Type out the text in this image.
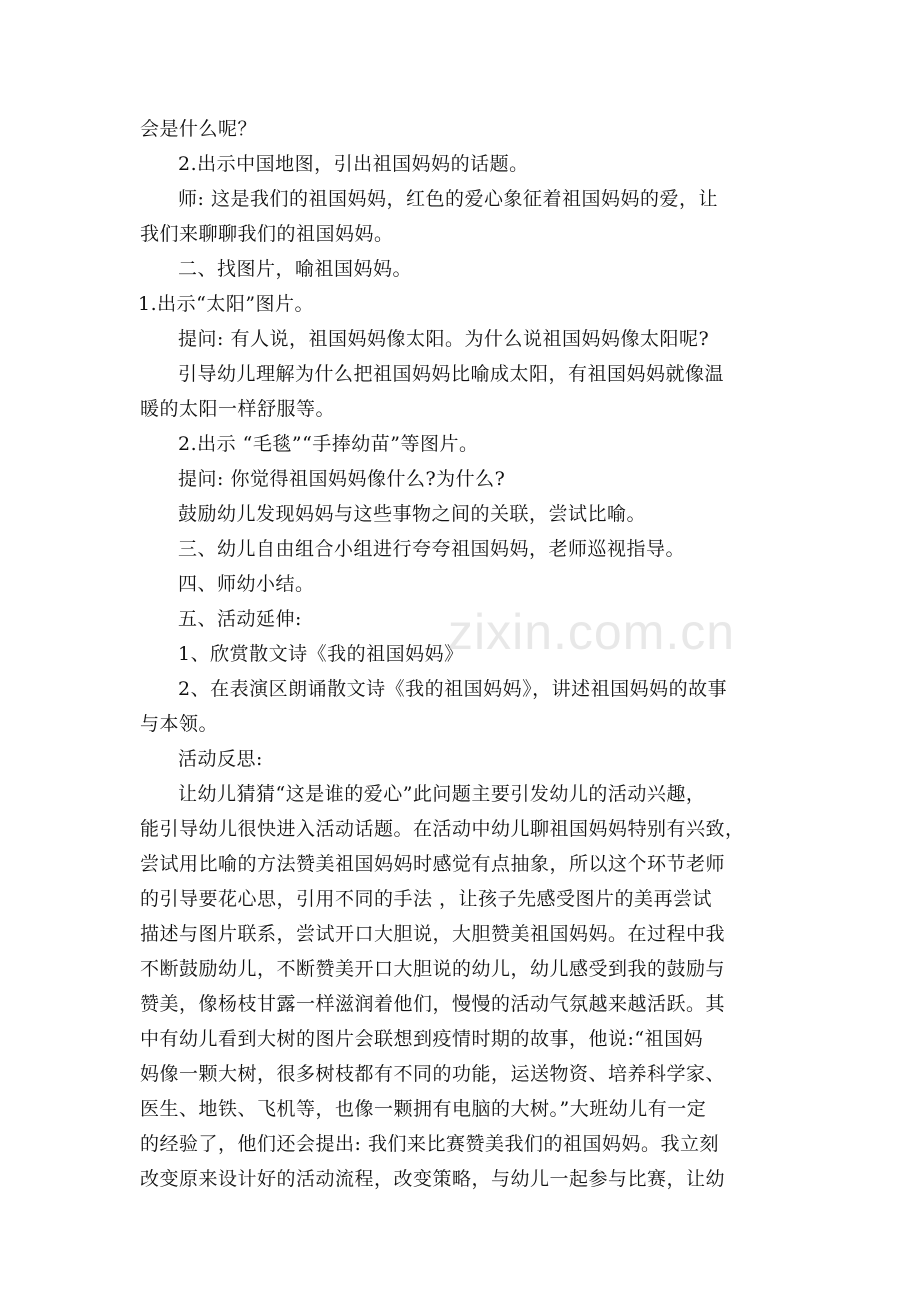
会是什么呢？
2.出示中国地图，引出祖国妈妈的话题。
师: 这是我们的祖国妈妈，红色的爱心象征着祖国妈妈的爱，让
我们来聊聊我们的祖国妈妈。
二、找图片，喻祖国妈妈。
1.出示“太阳”图片。
提问: 有人说，祖国妈妈像太阳。为什么说祖国妈妈像太阳呢?
引导幼儿理解为什么把祖国妈妈比喻成太阳，有祖国妈妈就像温
暖的太阳一样舒服等。
2.出示 “毛毯”“手捧幼苗”等图片。
提问: 你觉得祖国妈妈像什么?为什么?
鼓励幼儿发现妈妈与这些事物之间的关联，尝试比喻。
三、幼儿自由组合小组进行夸夸祖国妈妈，老师巡视指导。
四、师幼小结。
五、活动延伸:
1、欣赏散文诗《我的祖国妈妈》
2、在表演区朗诵散文诗《我的祖国妈妈》，讲述祖国妈妈的故事
与本领。
活动反思:
让幼儿猜猜“这是谁的爱心”此问题主要引发幼儿的活动兴趣，
能引导幼儿很快进入活动话题。在活动中幼儿聊祖国妈妈特别有兴致，
尝试用比喻的方法赞美祖国妈妈时感觉有点抽象，所以这个环节老师
的引导要花心思，引用不同的手法 ，让孩子先感受图片的美再尝试
描述与图片联系，尝试开口大胆说，大胆赞美祖国妈妈。在过程中我
不断鼓励幼儿，不断赞美开口大胆说的幼儿，幼儿感受到我的鼓励与
赞美，像杨枝甘露一样滋润着他们，慢慢的活动气氛越来越活跃。其
中有幼儿看到大树的图片会联想到疫情时期的故事，他说:“祖国妈
妈像一颗大树，很多树枝都有不同的功能，运送物资、培养科学家、
医生、地铁、飞机等，也像一颗拥有电脑的大树。”大班幼儿有一定
的经验了，他们还会提出: 我们来比赛赞美我们的祖国妈妈。我立刻
改变原来设计好的活动流程，改变策略，与幼儿一起参与比赛，让幼
zixin.com.cn
